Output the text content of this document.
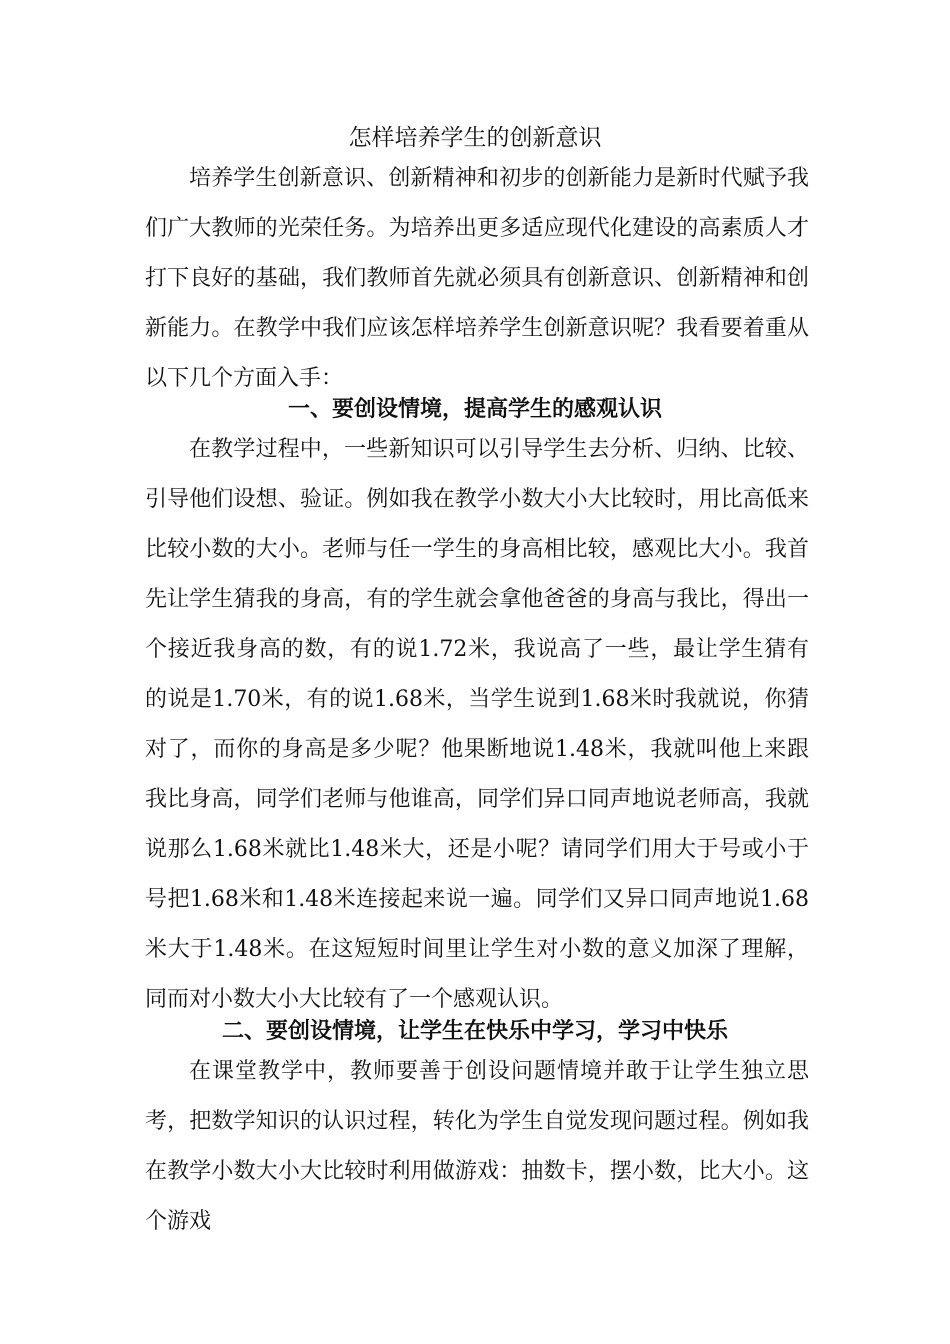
怎样培养学生的创新意识

培养学生创新意识、创新精神和初步的创新能力是新时代赋予我们广大教师的光荣任务。为培养出更多适应现代化建设的高素质人才打下良好的基础，我们教师首先就必须具有创新意识、创新精神和创新能力。在教学中我们应该怎样培养学生创新意识呢？我看要着重从以下几个方面入手：

一、要创设情境，提高学生的感观认识

在教学过程中，一些新知识可以引导学生去分析、归纳、比较、引导他们设想、验证。例如我在教学小数大小大比较时，用比高低来比较小数的大小。老师与任一学生的身高相比较，感观比大小。我首先让学生猜我的身高，有的学生就会拿他爸爸的身高与我比，得出一个接近我身高的数，有的说1.72米，我说高了一些，最让学生猜有的说是1.70米，有的说1.68米，当学生说到1.68米时我就说，你猜对了，而你的身高是多少呢？他果断地说1.48米，我就叫他上来跟我比身高，同学们老师与他谁高，同学们异口同声地说老师高，我就说那么1.68米就比1.48米大，还是小呢？请同学们用大于号或小于号把1.68米和1.48米连接起来说一遍。同学们又异口同声地说1.68米大于1.48米。在这短短时间里让学生对小数的意义加深了理解，同而对小数大小大比较有了一个感观认识。

二、要创设情境，让学生在快乐中学习，学习中快乐

在课堂教学中，教师要善于创设问题情境并敢于让学生独立思考，把数学知识的认识过程，转化为学生自觉发现问题过程。例如我在教学小数大小大比较时利用做游戏：抽数卡，摆小数，比大小。这个游戏
